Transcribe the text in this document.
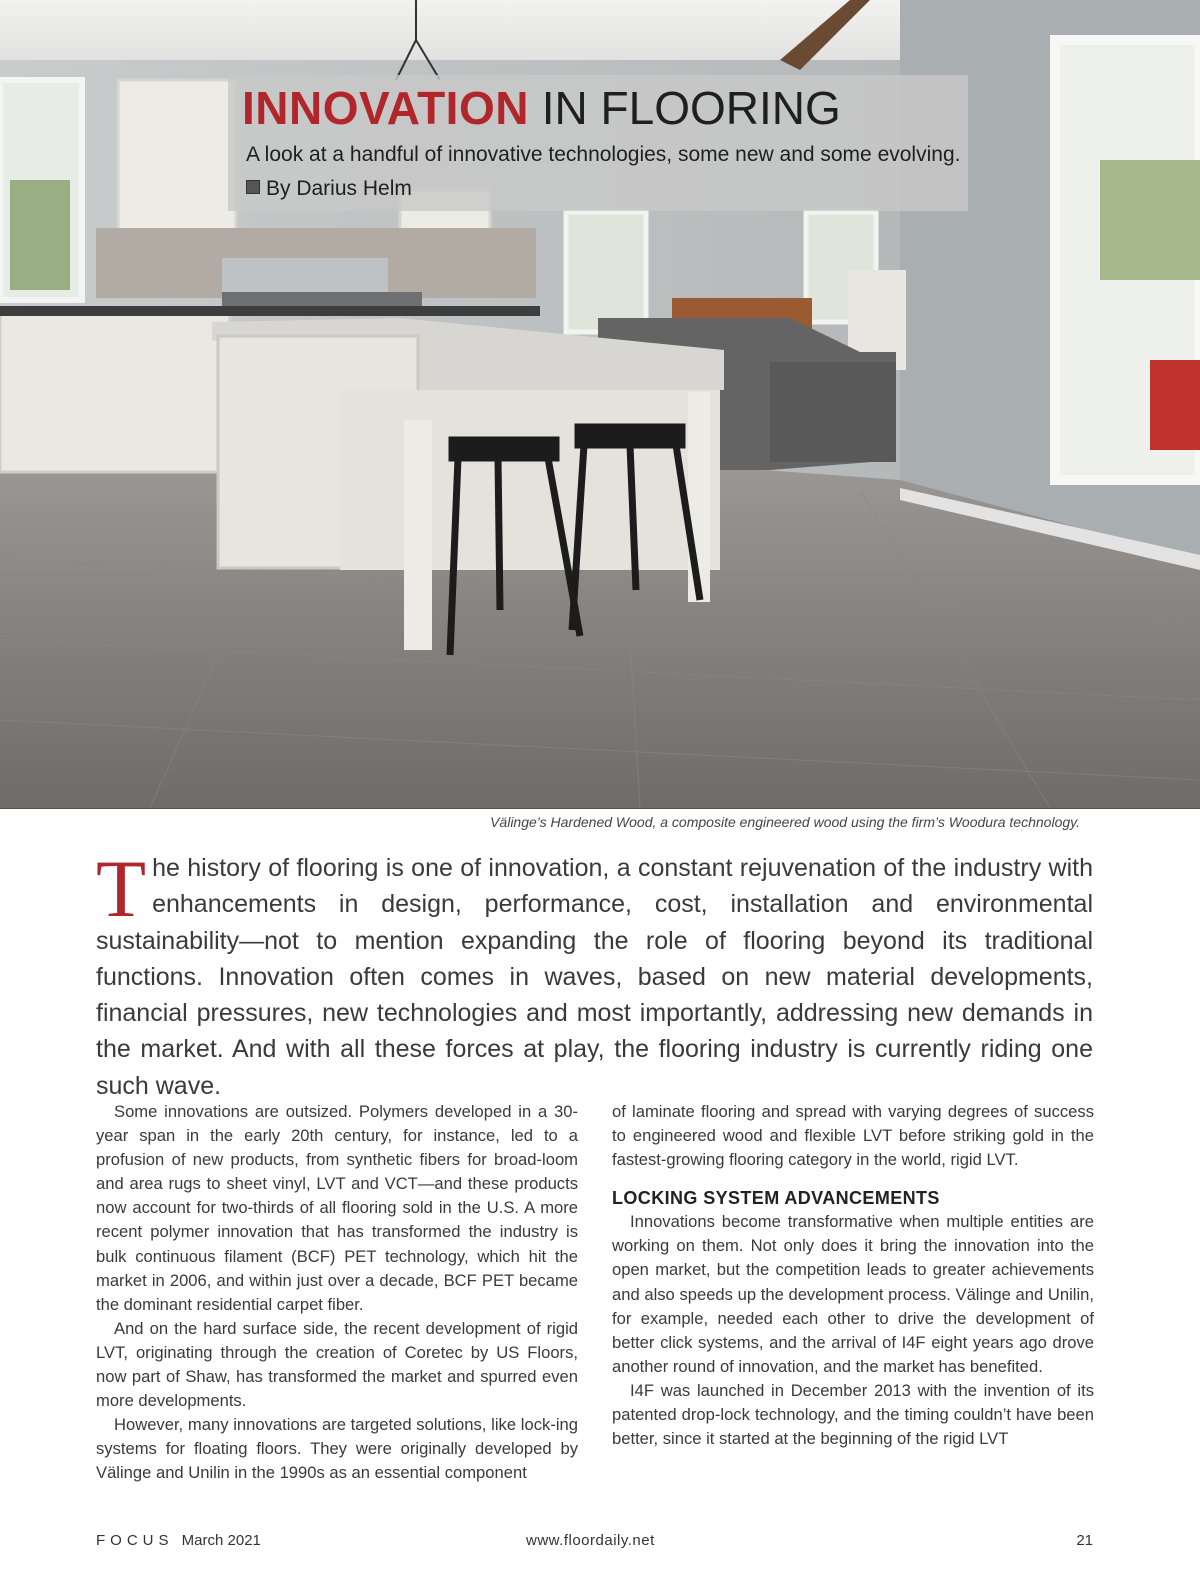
INNOVATION IN FLOORING
A look at a handful of innovative technologies, some new and some evolving.
By Darius Helm
Välinge’s Hardened Wood, a composite engineered wood using the firm’s Woodura technology.
The history of flooring is one of innovation, a constant rejuvenation of the industry with enhancements in design, performance, cost, installation and environmental sustainability—not to mention expanding the role of flooring beyond its traditional functions. Innovation often comes in waves, based on new material developments, financial pressures, new technologies and most importantly, addressing new demands in the market. And with all these forces at play, the flooring industry is currently riding one such wave.

Some innovations are outsized. Polymers developed in a 30-year span in the early 20th century, for instance, led to a profusion of new products, from synthetic fibers for broad-loom and area rugs to sheet vinyl, LVT and VCT—and these products now account for two-thirds of all flooring sold in the U.S. A more recent polymer innovation that has transformed the industry is bulk continuous filament (BCF) PET technology, which hit the market in 2006, and within just over a decade, BCF PET became the dominant residential carpet fiber.

And on the hard surface side, the recent development of rigid LVT, originating through the creation of Coretec by US Floors, now part of Shaw, has transformed the market and spurred even more developments.

However, many innovations are targeted solutions, like lock-ing systems for floating floors. They were originally developed by Välinge and Unilin in the 1990s as an essential component

of laminate flooring and spread with varying degrees of success to engineered wood and flexible LVT before striking gold in the fastest-growing flooring category in the world, rigid LVT.

LOCKING SYSTEM ADVANCEMENTS

Innovations become transformative when multiple entities are working on them. Not only does it bring the innovation into the open market, but the competition leads to greater achievements and also speeds up the development process. Välinge and Unilin, for example, needed each other to drive the development of better click systems, and the arrival of I4F eight years ago drove another round of innovation, and the market has benefited.

I4F was launched in December 2013 with the invention of its patented drop-lock technology, and the timing couldn’t have been better, since it started at the beginning of the rigid LVT

FOCUS March 2021	www.floordaily.net	21
